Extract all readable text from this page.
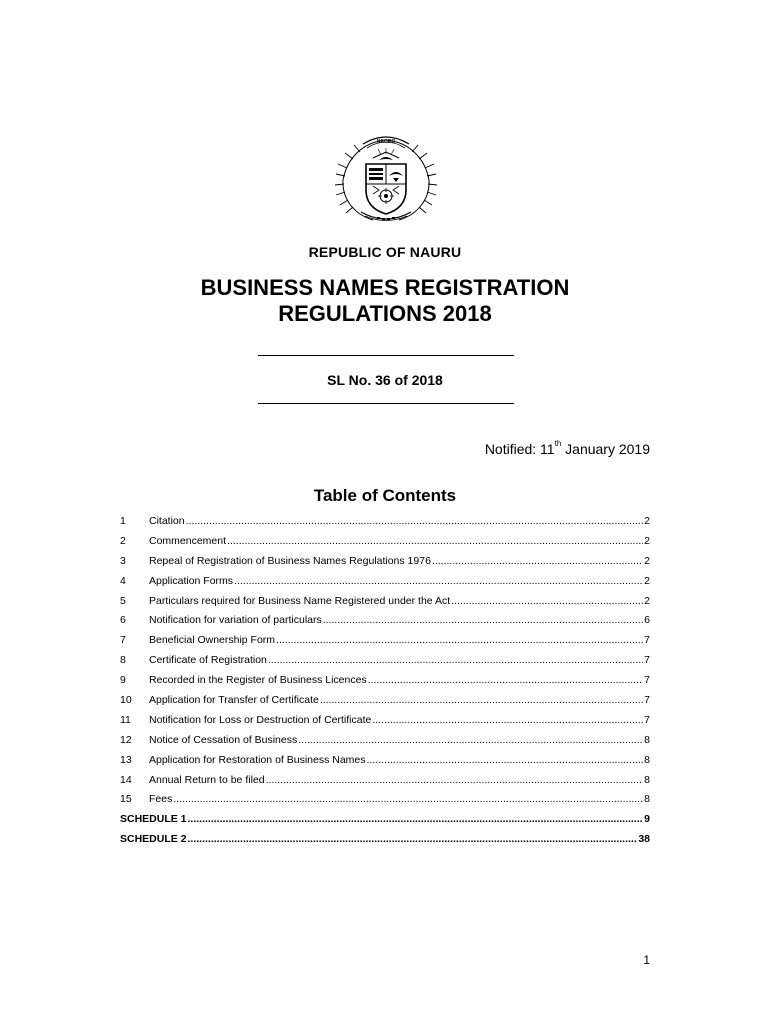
NAORO
REPUBLIC OF NAURU
BUSINESS NAMES REGISTRATION
REGULATIONS 2018
SL No. 36 of 2018
Notified: 11th January 2019
Table of Contents
1	Citation .....	2
2	Commencement .....	2
3	Repeal of Registration of Business Names Regulations 1976 .....	2
4	Application Forms .....	2
5	Particulars required for Business Name Registered under the Act .....	2
6	Notification for variation of particulars .....	6
7	Beneficial Ownership Form .....	7
8	Certificate of Registration .....	7
9	Recorded in the Register of Business Licences .....	7
10	Application for Transfer of Certificate .....	7
11	Notification for Loss or Destruction of Certificate .....	7
12	Notice of Cessation of Business .....	8
13	Application for Restoration of Business Names .....	8
14	Annual Return to be filed .....	8
15	Fees .....	8
SCHEDULE 1 .....	9
SCHEDULE 2 .....	38
1
